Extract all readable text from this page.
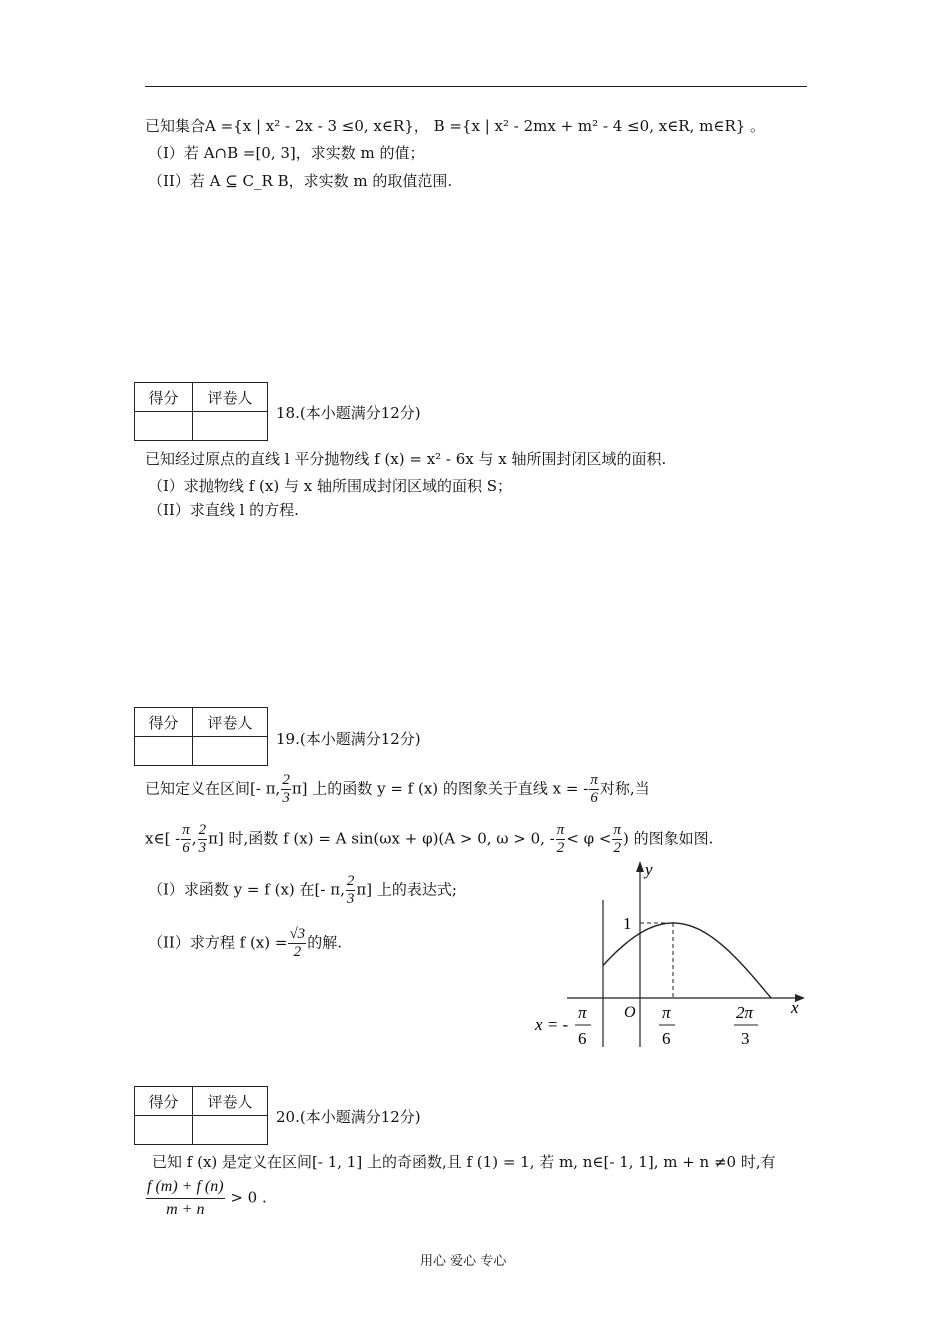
已知集合A ={x | x² - 2x - 3 ≤0, x∈R}， B ={x | x² - 2mx + m² - 4 ≤0, x∈R, m∈R} 。
（I）若 A∩B =[0, 3]，求实数 m 的值；
（II）若 A ⊆ C_R B，求实数 m 的取值范围.
得分	评卷人

18.(本小题满分12分)
已知经过原点的直线 l 平分抛物线 f (x) = x² - 6x 与 x 轴所围封闭区域的面积.
（I）求抛物线 f (x) 与 x 轴所围成封闭区域的面积 S；
（II）求直线 l 的方程.
得分	评卷人

19.(本小题满分12分)
已知定义在区间[- π, $\frac{2}{3} \pi$] 上的函数 y = f (x) 的图象关于直线 x = - $\frac{\pi}{6}$ 对称,当
x∈[ - $\frac{\pi}{6}$ , $\frac{2}{3} \pi$] 时,函数 f (x) = A sin(ωx + φ)(A > 0, ω > 0, - $\frac{\pi}{2} < \varphi < \frac{\pi}{2}$ ) 的图象如图.
（I）求函数 y = f (x) 在[- π, $\frac{2}{3} \pi$] 上的表达式;
（II）求方程 f $(x) = \frac{√3}{2}$ 的解.
y
x
O
1
x = -
π
6
π
6
2π
3
得分	评卷人

20.(本小题满分12分)
已知 f (x) 是定义在区间[- 1, 1] 上的奇函数,且 f (1) = 1, 若 m, n∈[- 1, 1], m + n ≠0 时,有
$\frac{f (m) + f (n)}{m + n} > 0$ .
用心 爱心 专心
